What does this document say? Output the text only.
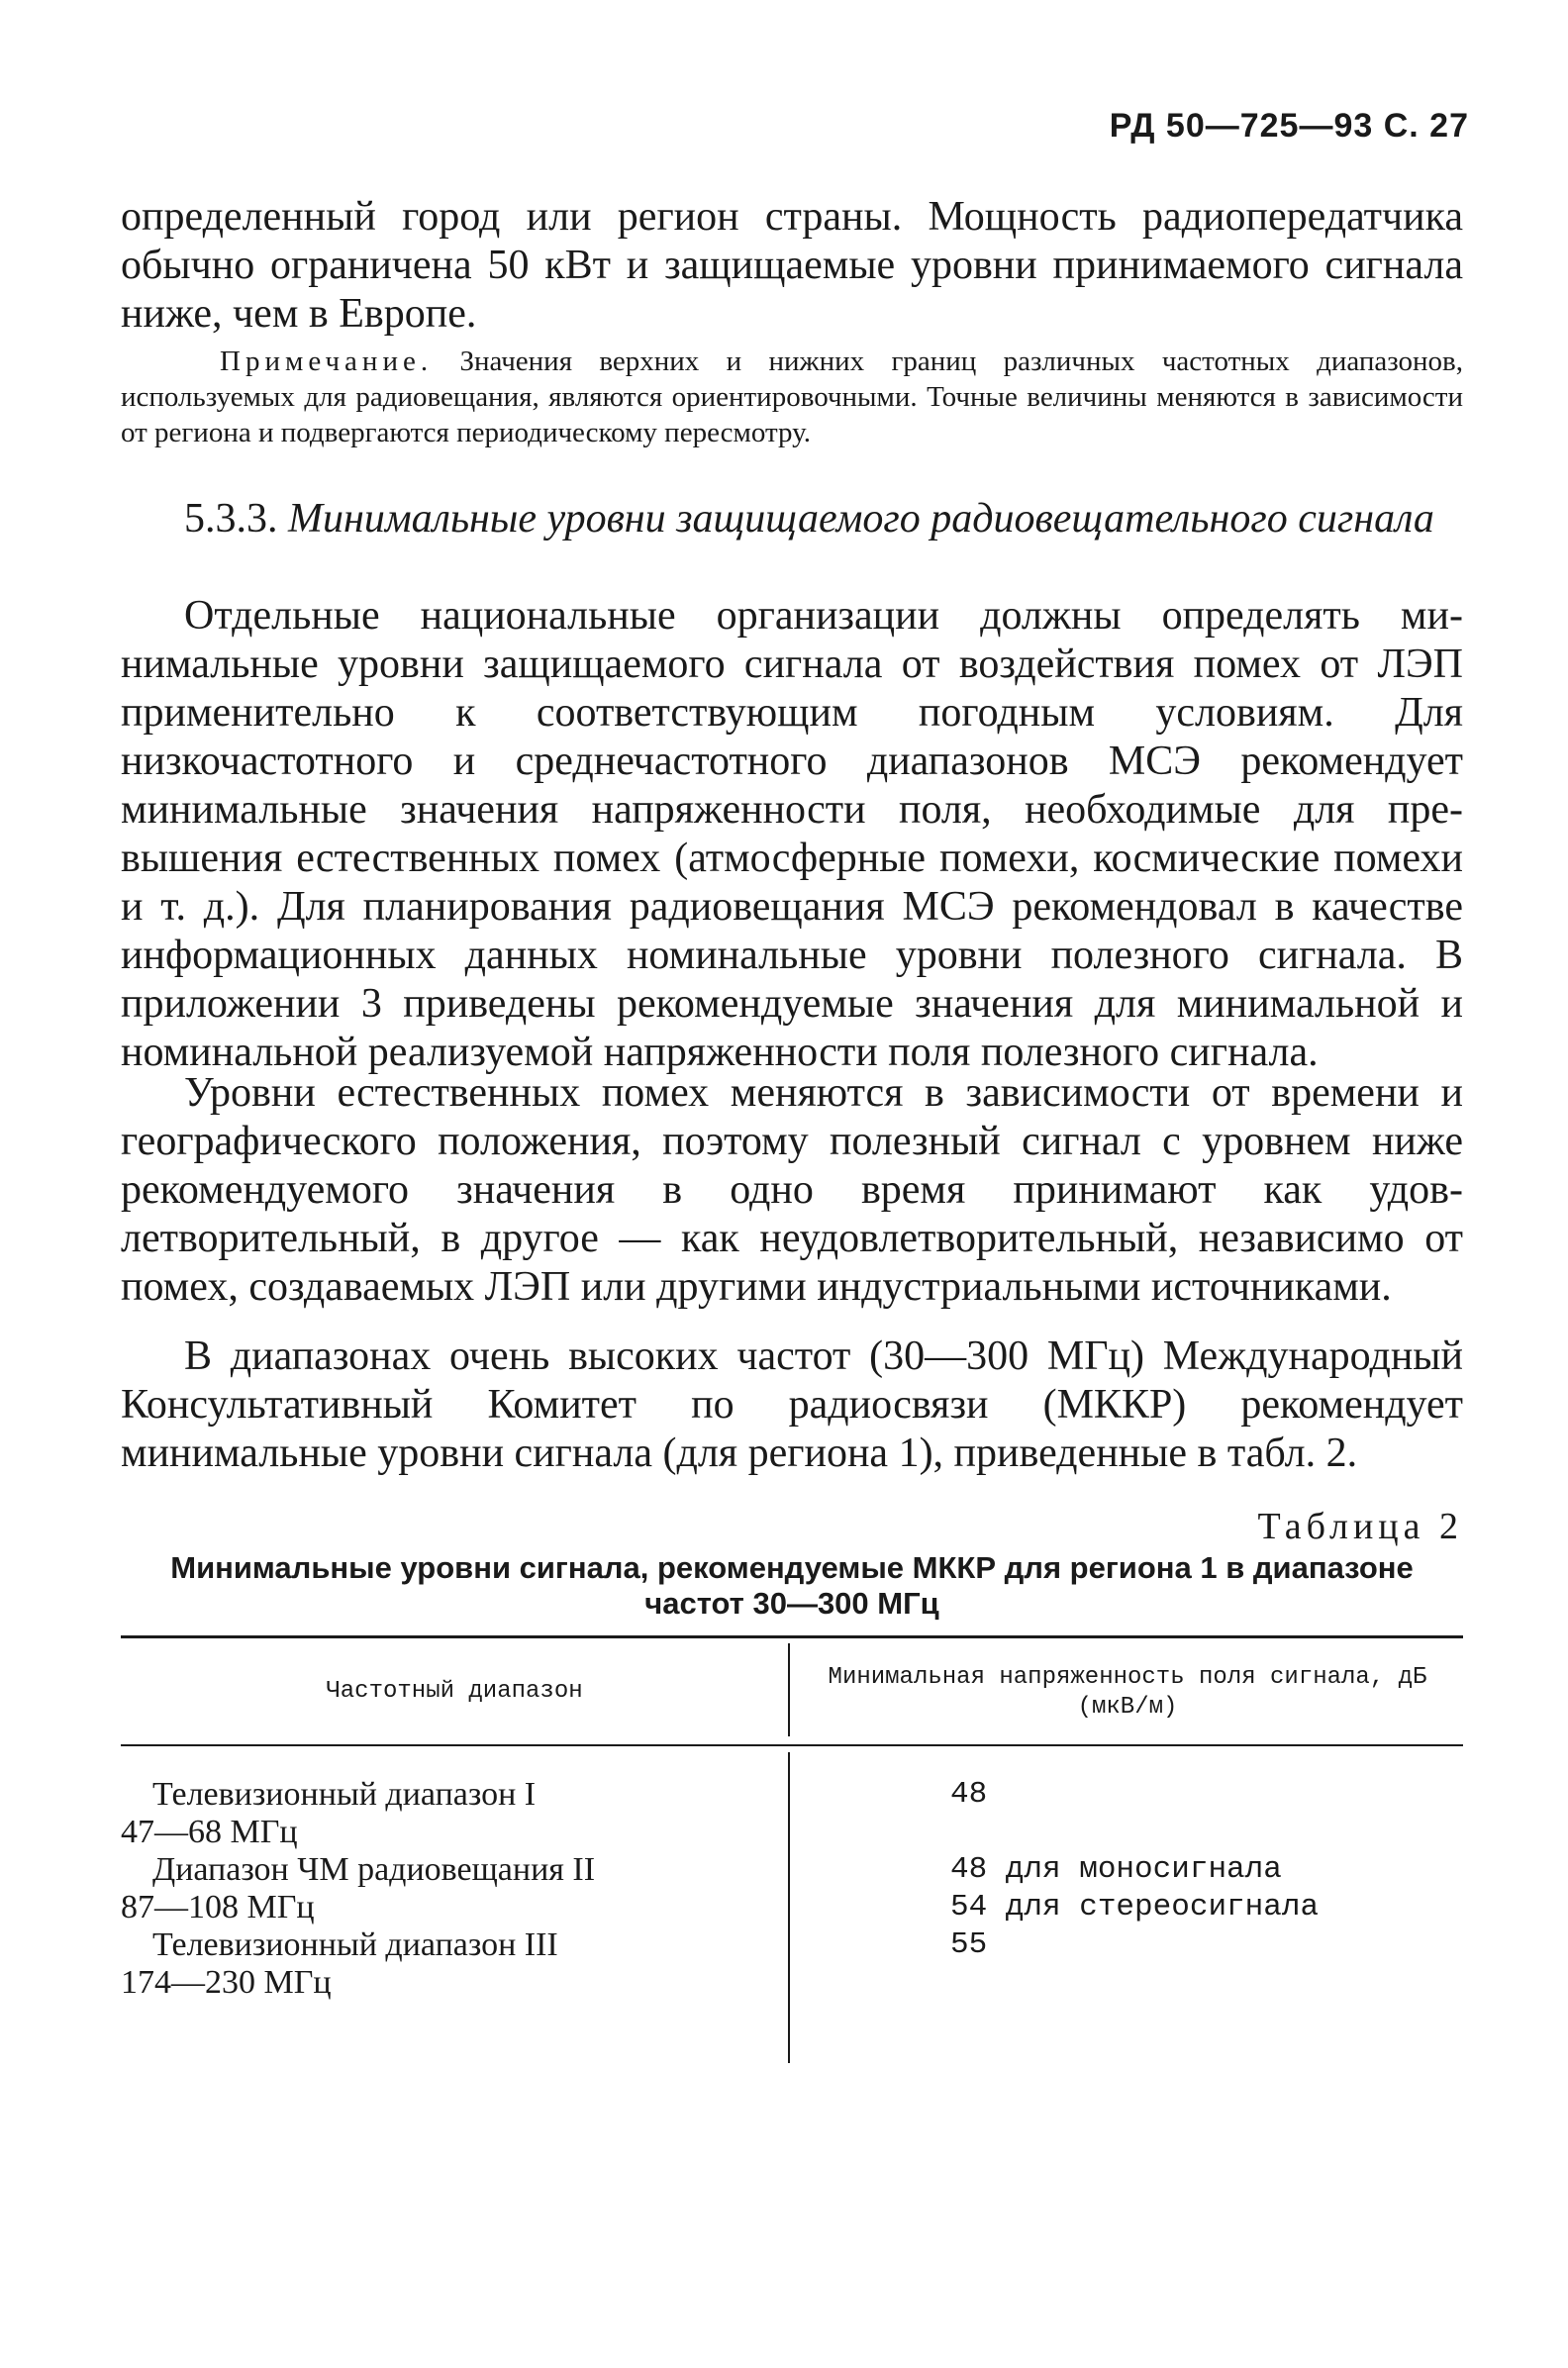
РД 50—725—93 С. 27
определенный город или регион страны. Мощность радиопередатчика обычно ограничена 50 кВт и защищаемые уровни принимаемого сигнала ниже, чем в Европе.
Примечание. Значения верхних и нижних границ различных частотных диапазонов, используемых для радиовещания, являются ориентировочными. Точные величины меняются в зависимости от региона и подвергаются периодическому пересмотру.
5.3.3. Минимальные уровни защищаемого радиовещательного сигнала
Отдельные национальные организации должны определять минимальные уровни защищаемого сигнала от воздействия помех от ЛЭП применительно к соответствующим погодным условиям. Для низкочастотного и среднечастотного диапазонов МСЭ рекомендует минимальные значения напряженности поля, необходимые для превышения естественных помех (атмосферные помехи, космические помехи и т. д.). Для планирования радиовещания МСЭ рекомендовал в качестве информационных данных номинальные уровни полезного сигнала. В приложении 3 приведены рекомендуемые значения для минимальной и номинальной реализуемой напряженности поля полезного сигнала.
Уровни естественных помех меняются в зависимости от времени и географического положения, поэтому полезный сигнал с уровнем ниже рекомендуемого значения в одно время принимают как удовлетворительный, в другое — как неудовлетворительный, независимо от помех, создаваемых ЛЭП или другими индустриальными источниками.
В диапазонах очень высоких частот (30—300 МГц) Международный Консультативный Комитет по радиосвязи (МККР) рекомендует минимальные уровни сигнала (для региона 1), приведенные в табл. 2.
Таблица 2
Минимальные уровни сигнала, рекомендуемые МККР для региона 1 в диапазоне частот 30—300 МГц
Частотный диапазон
Минимальная напряженность поля сигнала, дБ (мкВ/м)
Телевизионный диапазон I
47—68 МГц
Диапазон ЧМ радиовещания II
87—108 МГц
Телевизионный диапазон III
174—230 МГц
48
48 для моносигнала
54 для стереосигнала
55
